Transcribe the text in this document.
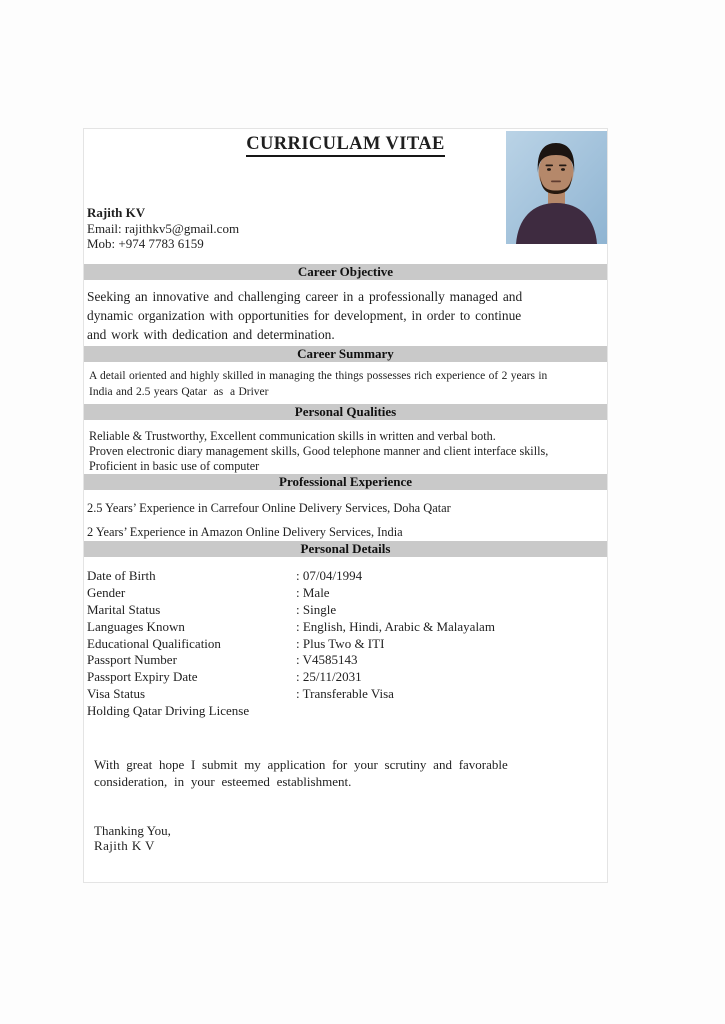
CURRICULAM VITAE
Rajith KV
Email: rajithkv5@gmail.com
Mob: +974 7783 6159
Career Objective
Seeking an innovative and challenging career in a professionally managed and
dynamic organization with opportunities for development, in order to continue
and work with dedication and determination.
Career Summary
A detail oriented and highly skilled in managing the things possesses rich experience of 2 years in
India and 2.5 years Qatar  as  a Driver
Personal Qualities
Reliable & Trustworthy, Excellent communication skills in written and verbal both.
Proven electronic diary management skills, Good telephone manner and client interface skills,
Proficient in basic use of computer
Professional Experience
2.5 Years’ Experience in Carrefour Online Delivery Services, Doha Qatar
2 Years’ Experience in Amazon Online Delivery Services, India
Personal Details
Date of Birth	: 07/04/1994
Gender	: Male
Marital Status	: Single
Languages Known	: English, Hindi, Arabic & Malayalam
Educational Qualification	: Plus Two & ITI
Passport Number	: V4585143
Passport Expiry Date	: 25/11/2031
Visa Status	: Transferable Visa
Holding Qatar Driving License
With great hope I submit my application for your scrutiny and favorable
consideration, in your esteemed establishment.
Thanking You,
Rajith K V
